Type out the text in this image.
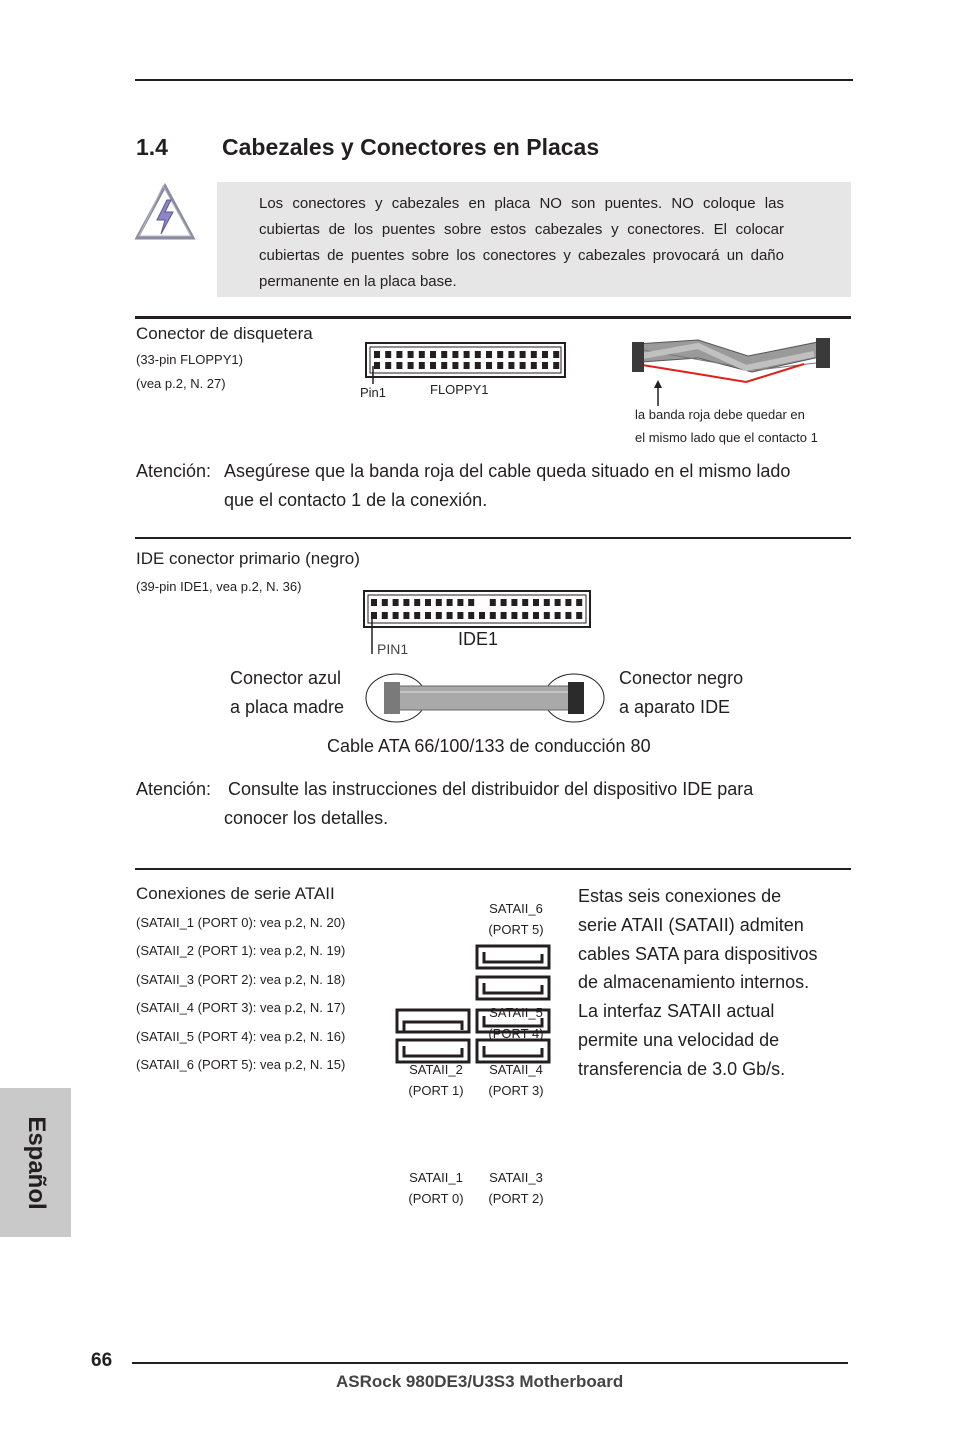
1.4 Cabezales y Conectores en Placas

Los conectores y cabezales en placa NO son puentes. NO coloque las cubiertas de los puentes sobre estos cabezales y conectores. El colocar cubiertas de puentes sobre los conectores y cabezales provocará un daño permanente en la placa base.

Conector de disquetera
(33-pin FLOPPY1)
(vea p.2, N. 27)
Pin1	FLOPPY1
la banda roja debe quedar en
el mismo lado que el contacto 1
Atención: Asegúrese que la banda roja del cable queda situado en el mismo lado
que el contacto 1 de la conexión.
IDE conector primario (negro)
(39-pin IDE1, vea p.2, N. 36)
PIN1	IDE1
Conector azul
a placa madre
Conector negro
a aparato IDE
Cable ATA 66/100/133 de conducción 80
Atención: Consulte las instrucciones del distribuidor del dispositivo IDE para
conocer los detalles.
Conexiones de serie ATAII
(SATAII_1 (PORT 0): vea p.2, N. 20)
(SATAII_2 (PORT 1): vea p.2, N. 19)
(SATAII_3 (PORT 2): vea p.2, N. 18)
(SATAII_4 (PORT 3): vea p.2, N. 17)
(SATAII_5 (PORT 4): vea p.2, N. 16)
(SATAII_6 (PORT 5): vea p.2, N. 15)
SATAII_6
(PORT 5)
SATAII_5
(PORT 4)
SATAII_2
(PORT 1)
SATAII_4
(PORT 3)
SATAII_1
(PORT 0)
SATAII_3
(PORT 2)
Estas seis conexiones de
serie ATAII (SATAII) admiten
cables SATA para dispositivos
de almacenamiento internos.
La interfaz SATAII actual
permite una velocidad de
transferencia de 3.0 Gb/s.
Español
66
ASRock 980DE3/U3S3 Motherboard
